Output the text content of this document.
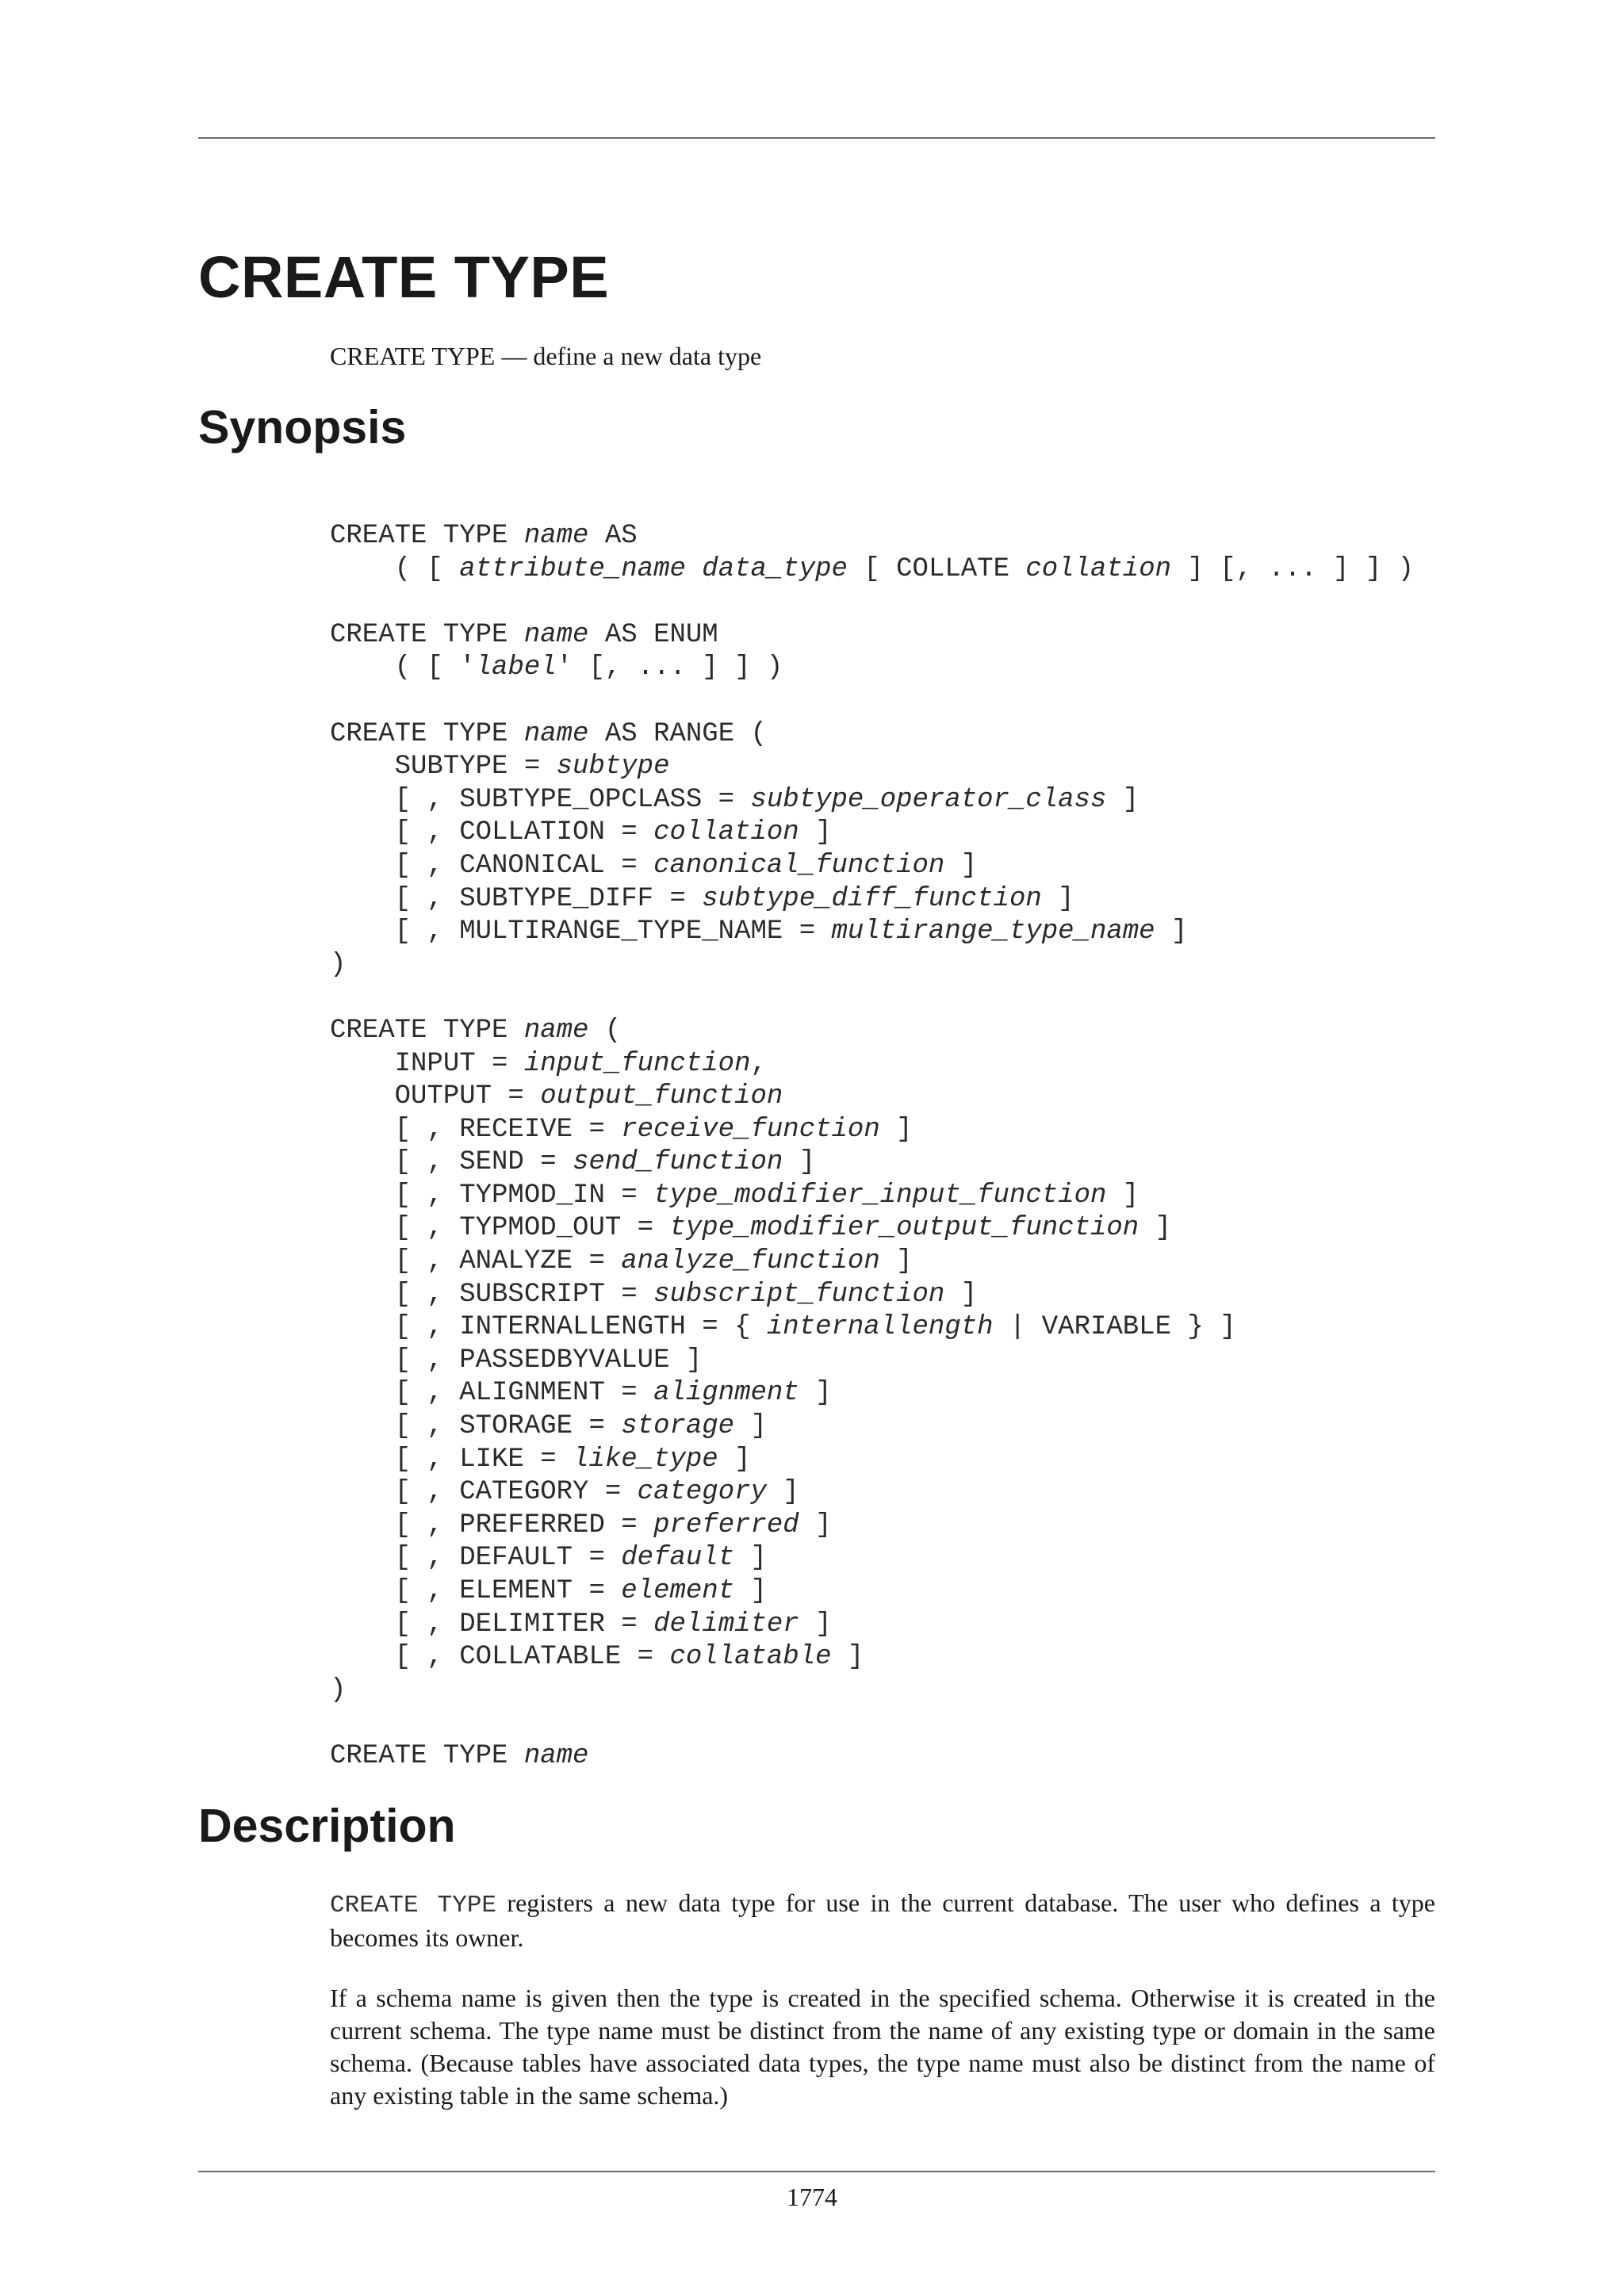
CREATE TYPE

CREATE TYPE — define a new data type

Synopsis
CREATE TYPE name AS
( [ attribute_name data_type [ COLLATE collation ] [, ... ] ] )

CREATE TYPE name AS ENUM
( [ 'label' [, ... ] ] )

CREATE TYPE name AS RANGE (
SUBTYPE = subtype
[ , SUBTYPE_OPCLASS = subtype_operator_class ]
[ , COLLATION = collation ]
[ , CANONICAL = canonical_function ]
[ , SUBTYPE_DIFF = subtype_diff_function ]
[ , MULTIRANGE_TYPE_NAME = multirange_type_name ]
)

CREATE TYPE name (
INPUT = input_function,
OUTPUT = output_function
[ , RECEIVE = receive_function ]
[ , SEND = send_function ]
[ , TYPMOD_IN = type_modifier_input_function ]
[ , TYPMOD_OUT = type_modifier_output_function ]
[ , ANALYZE = analyze_function ]
[ , SUBSCRIPT = subscript_function ]
[ , INTERNALLENGTH = { internallength | VARIABLE } ]
[ , PASSEDBYVALUE ]
[ , ALIGNMENT = alignment ]
[ , STORAGE = storage ]
[ , LIKE = like_type ]
[ , CATEGORY = category ]
[ , PREFERRED = preferred ]
[ , DEFAULT = default ]
[ , ELEMENT = element ]
[ , DELIMITER = delimiter ]
[ , COLLATABLE = collatable ]
)

CREATE TYPE name
Description

CREATE TYPE registers a new data type for use in the current database. The user who defines a type becomes its owner.

If a schema name is given then the type is created in the specified schema. Otherwise it is created in the current schema. The type name must be distinct from the name of any existing type or domain in the same schema. (Because tables have associated data types, the type name must also be distinct from the name of any existing table in the same schema.)

1774
